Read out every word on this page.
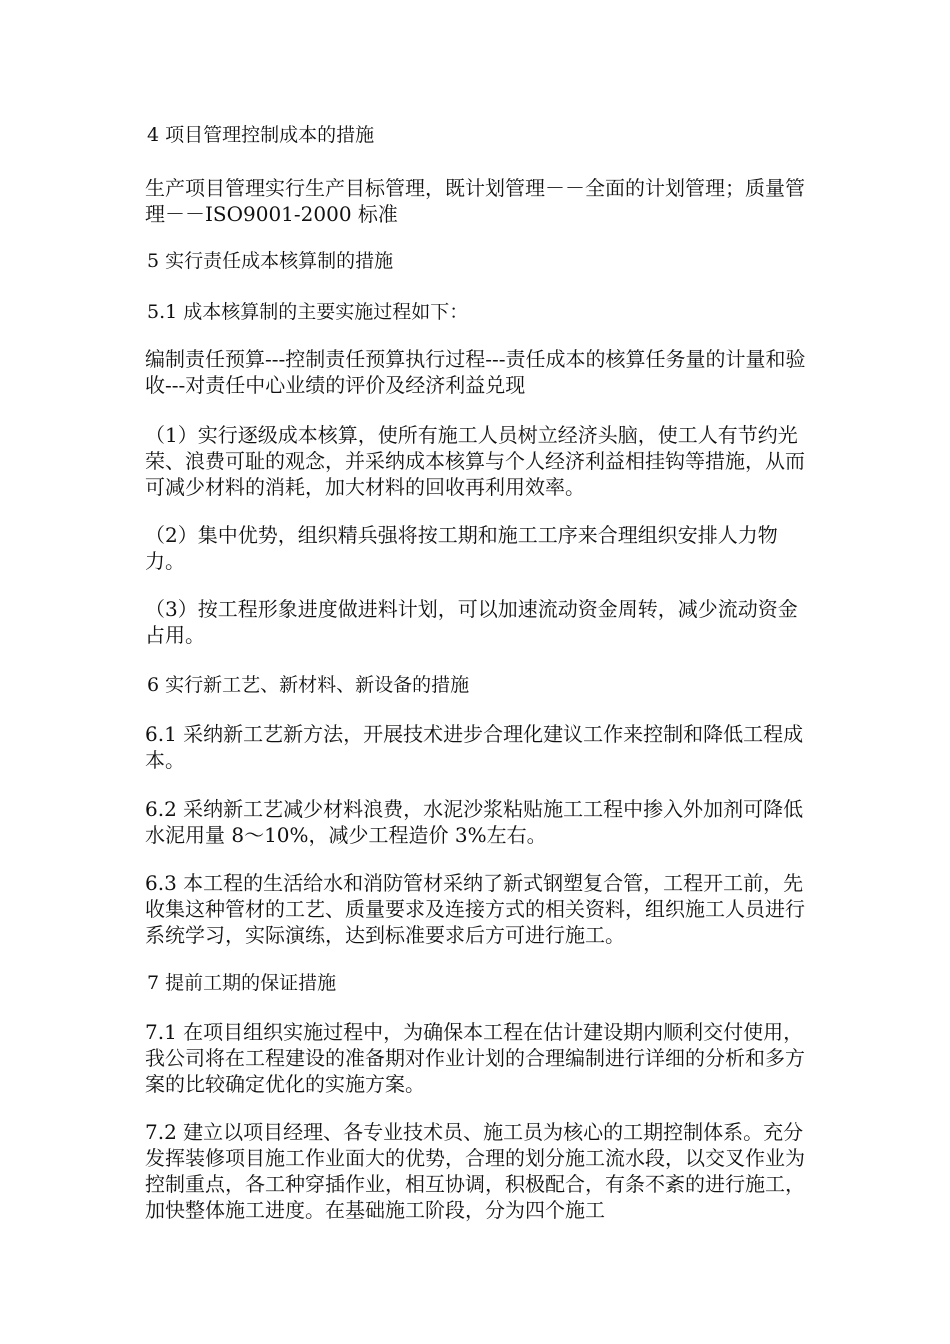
4 项目管理控制成本的措施

生产项目管理实行生产目标管理，既计划管理－－全面的计划管理；质量管理－－ISO9001-2000 标准

5 实行责任成本核算制的措施

5.1 成本核算制的主要实施过程如下：

编制责任预算---控制责任预算执行过程---责任成本的核算任务量的计量和验收---对责任中心业绩的评价及经济利益兑现

（1）实行逐级成本核算，使所有施工人员树立经济头脑，使工人有节约光荣、浪费可耻的观念，并采纳成本核算与个人经济利益相挂钩等措施，从而可减少材料的消耗，加大材料的回收再利用效率。

（2）集中优势，组织精兵强将按工期和施工工序来合理组织安排人力物力。

（3）按工程形象进度做进料计划，可以加速流动资金周转，减少流动资金占用。

6 实行新工艺、新材料、新设备的措施

6.1 采纳新工艺新方法，开展技术进步合理化建议工作来控制和降低工程成本。

6.2 采纳新工艺减少材料浪费，水泥沙浆粘贴施工工程中掺入外加剂可降低水泥用量 8～10%，减少工程造价 3%左右。

6.3 本工程的生活给水和消防管材采纳了新式钢塑复合管，工程开工前，先收集这种管材的工艺、质量要求及连接方式的相关资料，组织施工人员进行系统学习，实际演练，达到标准要求后方可进行施工。

7 提前工期的保证措施

7.1 在项目组织实施过程中，为确保本工程在估计建设期内顺利交付使用，我公司将在工程建设的准备期对作业计划的合理编制进行详细的分析和多方案的比较确定优化的实施方案。

7.2 建立以项目经理、各专业技术员、施工员为核心的工期控制体系。充分发挥装修项目施工作业面大的优势，合理的划分施工流水段，以交叉作业为控制重点，各工种穿插作业，相互协调，积极配合，有条不紊的进行施工，加快整体施工进度。在基础施工阶段，分为四个施工
